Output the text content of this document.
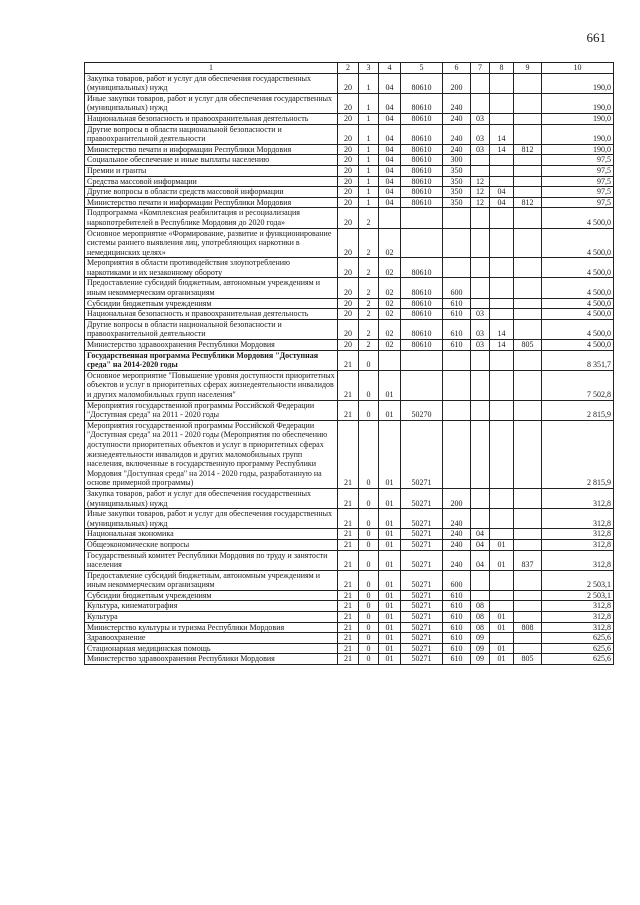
661
1	2	3	4	5	6	7	8	9	10
Закупка товаров, работ и услуг для обеспечения государственных (муниципальных) нужд	20	1	04	80610	200				190,0
Иные закупки товаров, работ и услуг для обеспечения государственных (муниципальных) нужд	20	1	04	80610	240				190,0
Национальная безопасность и правоохранительная деятельность	20	1	04	80610	240	03			190,0
Другие вопросы в области национальной безопасности и правоохранительной деятельности	20	1	04	80610	240	03	14		190,0
Министерство печати и информации Республики Мордовия	20	1	04	80610	240	03	14	812	190,0
Социальное обеспечение и иные выплаты населению	20	1	04	80610	300				97,5
Премии и гранты	20	1	04	80610	350				97,5
Средства массовой информации	20	1	04	80610	350	12			97,5
Другие вопросы в области средств массовой информации	20	1	04	80610	350	12	04		97,5
Министерство печати и информации Республики Мордовия	20	1	04	80610	350	12	04	812	97,5
Подпрограмма «Комплексная реабилитация и ресоциализация наркопотребителей в Республике Мордовия до 2020 года»	20	2							4 500,0
Основное мероприятие «Формирование, развитие и функционирование системы раннего выявления лиц, употребляющих наркотики в немедицинских целях»	20	2	02						4 500,0
Мероприятия в области противодействия злоупотреблению наркотиками и их незаконному обороту	20	2	02	80610					4 500,0
Предоставление субсидий бюджетным, автономным учреждениям и иным некоммерческим организациям	20	2	02	80610	600				4 500,0
Субсидии бюджетным учреждениям	20	2	02	80610	610				4 500,0
Национальная безопасность и правоохранительная деятельность	20	2	02	80610	610	03			4 500,0
Другие вопросы в области национальной безопасности и правоохранительной деятельности	20	2	02	80610	610	03	14		4 500,0
Министерство здравоохранения Республики Мордовия	20	2	02	80610	610	03	14	805	4 500,0
Государственная программа Республики Мордовия "Доступная среда" на 2014-2020 годы	21	0							8 351,7
Основное мероприятие "Повышение уровня доступности приоритетных объектов и услуг в приоритетных сферах жизнедеятельности инвалидов и других маломобильных групп населения"	21	0	01						7 502,8
Мероприятия государственной программы Российской Федерации "Доступная среда" на 2011 - 2020 годы	21	0	01	50270					2 815,9
Мероприятия государственной программы Российской Федерации "Доступная среда" на 2011 - 2020 годы (Мероприятия по обеспечению доступности приоритетных объектов и услуг в приоритетных сферах жизнедеятельности инвалидов и других маломобильных групп населения, включенные в государственную программу Республики Мордовия "Доступная среда" на 2014 - 2020 годы, разработанную на основе примерной программы)	21	0	01	50271					2 815,9
Закупка товаров, работ и услуг для обеспечения государственных (муниципальных) нужд	21	0	01	50271	200				312,8
Иные закупки товаров, работ и услуг для обеспечения государственных (муниципальных) нужд	21	0	01	50271	240				312,8
Национальная экономика	21	0	01	50271	240	04			312,8
Общеэкономические вопросы	21	0	01	50271	240	04	01		312,8
Государственный комитет Республики Мордовия по труду и занятости населения	21	0	01	50271	240	04	01	837	312,8
Предоставление субсидий бюджетным, автономным учреждениям и иным некоммерческим организациям	21	0	01	50271	600				2 503,1
Субсидии бюджетным учреждениям	21	0	01	50271	610				2 503,1
Культура, кинематография	21	0	01	50271	610	08			312,8
Культура	21	0	01	50271	610	08	01		312,8
Министерство культуры и туризма Республики Мордовия	21	0	01	50271	610	08	01	808	312,8
Здравоохранение	21	0	01	50271	610	09			625,6
Стационарная медицинская помощь	21	0	01	50271	610	09	01		625,6
Министерство здравоохранения Республики Мордовия	21	0	01	50271	610	09	01	805	625,6
